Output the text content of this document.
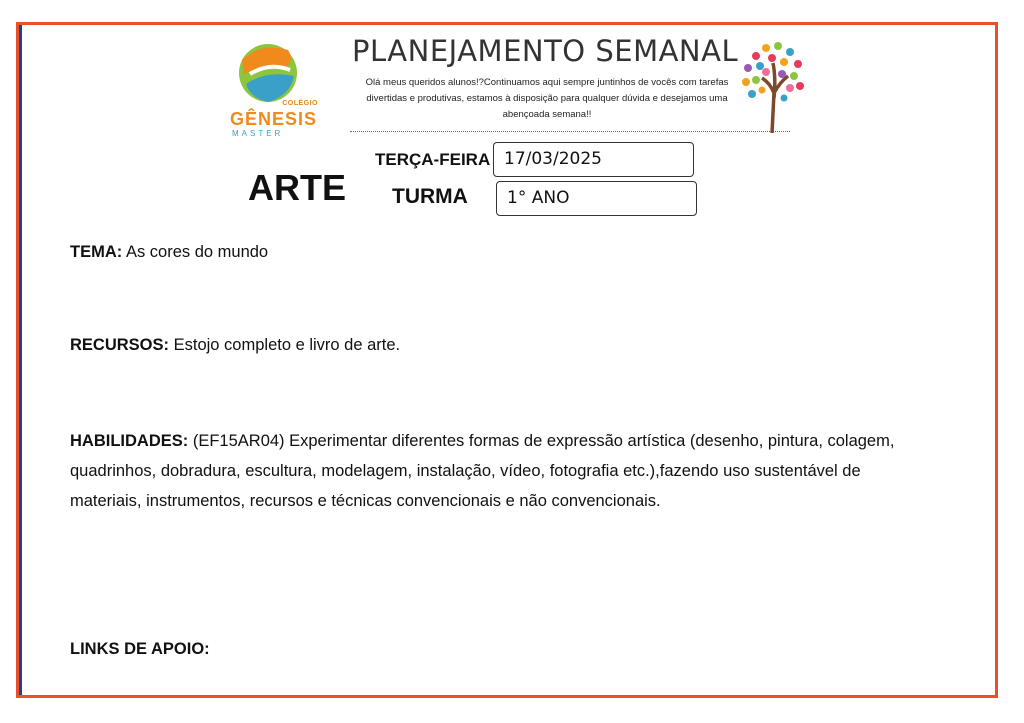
COLÉGIO
GÊNESIS
MASTER
PLANEJAMENTO SEMANAL
Olá meus queridos alunos!?Continuamos aqui sempre juntinhos de vocês com tarefas divertidas e produtivas, estamos à disposição para qualquer dúvida e desejamos uma abençoada semana!!
ARTE
TERÇA-FEIRA 17/03/2025
TURMA	1° ANO
TEMA: As cores do mundo
RECURSOS: Estojo completo e livro de arte.
HABILIDADES: (EF15AR04) Experimentar diferentes formas de expressão artística (desenho, pintura, colagem, quadrinhos, dobradura, escultura, modelagem, instalação, vídeo, fotografia etc.),fazendo uso sustentável de materiais, instrumentos, recursos e técnicas convencionais e não convencionais.
LINKS DE APOIO:
